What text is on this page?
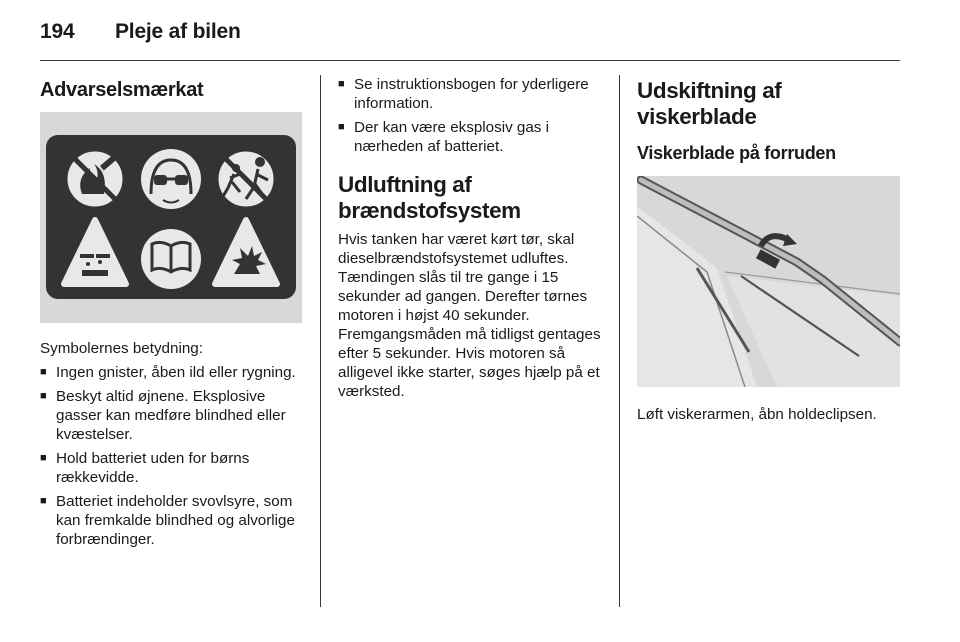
194 Pleje af bilen
Advarselsmærkat

Symbolernes betydning:

■ Ingen gnister, åben ild eller rygning.
■ Beskyt altid øjnene. Eksplosive gasser kan medføre blindhed eller kvæstelser.
■ Hold batteriet uden for børns rækkevidde.
■ Batteriet indeholder svovlsyre, som kan fremkalde blindhed og alvorlige forbrændinger.
■ Se instruktionsbogen for yderligere information.
■ Der kan være eksplosiv gas i nærheden af batteriet.
Udluftning af
brændstofsystem

Hvis tanken har været kørt tør, skal dieselbrændstofsystemet udluftes. Tændingen slås til tre gange i 15 sekunder ad gangen. Derefter tørnes motoren i højst 40 sekunder. Fremgangsmåden må tidligst gentages efter 5 sekunder. Hvis motoren så alligevel ikke starter, søges hjælp på et værksted.

Udskiftning af viskerblade
Viskerblade på forruden

Løft viskerarmen, åbn holdeclipsen.
